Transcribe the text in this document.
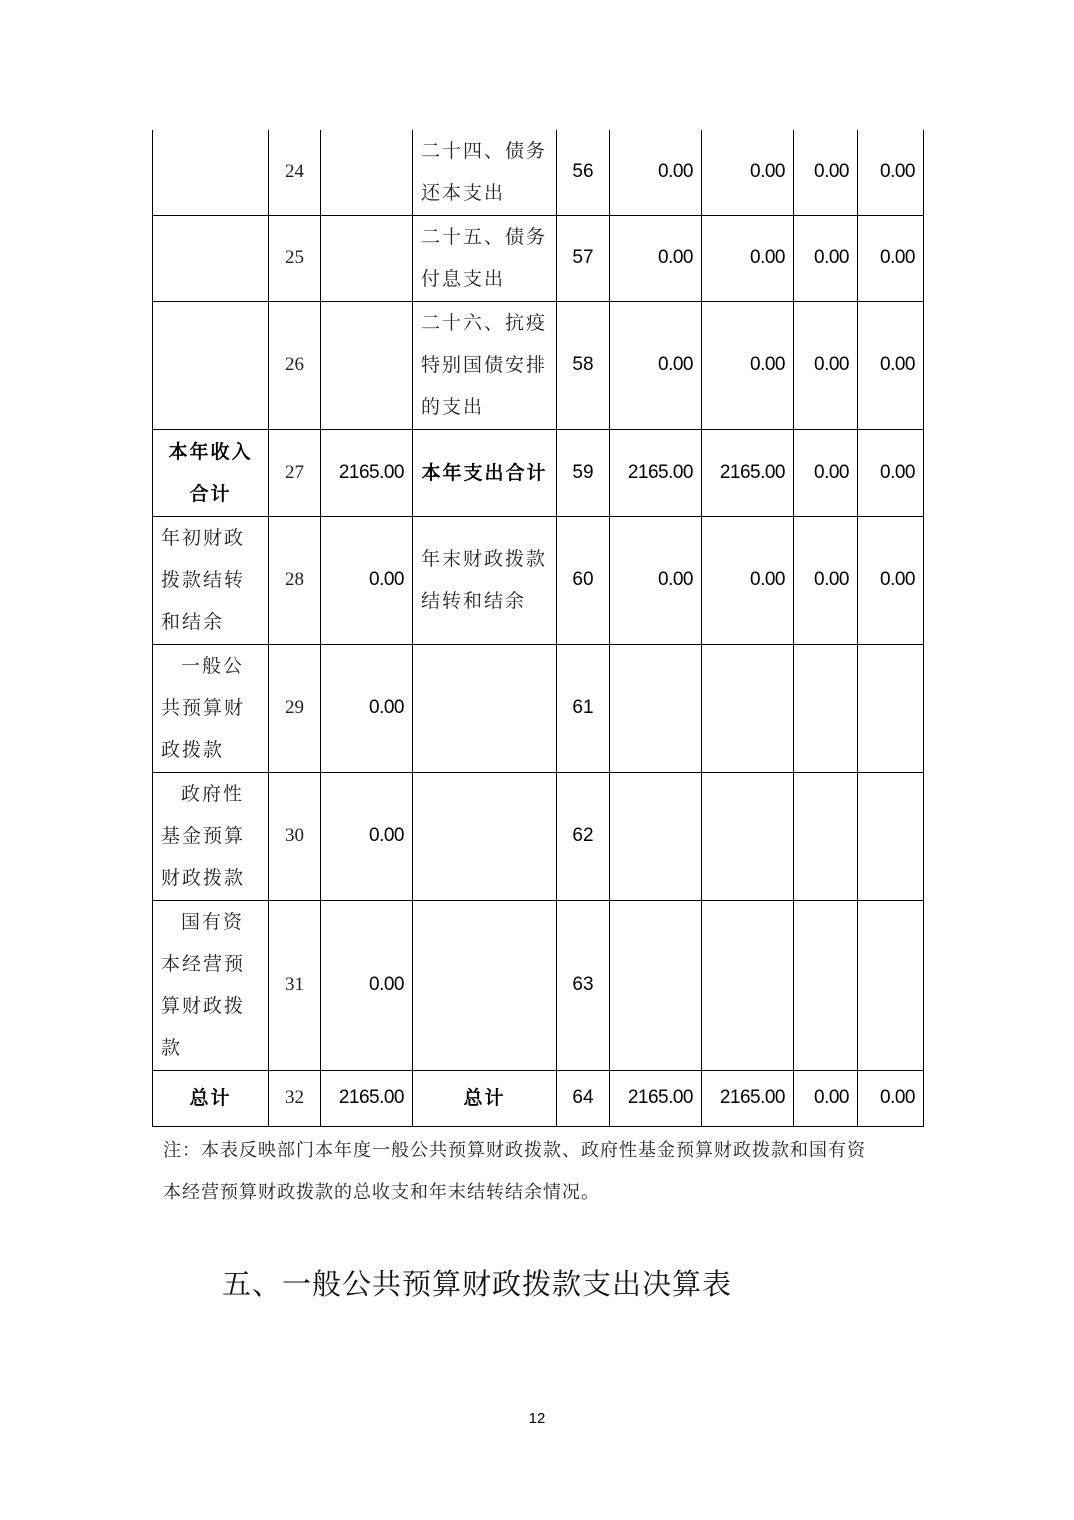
	24		二十四、债务还本支出	56	0.00	0.00	0.00	0.00
	25		二十五、债务付息支出	57	0.00	0.00	0.00	0.00
	26		二十六、抗疫特别国债安排的支出	58	0.00	0.00	0.00	0.00
本年收入合计	27	2165.00	本年支出合计	59	2165.00	2165.00	0.00	0.00
年初财政拨款结转和结余	28	0.00	年末财政拨款结转和结余	60	0.00	0.00	0.00	0.00
一般公共预算财政拨款	29	0.00		61				
政府性基金预算财政拨款	30	0.00		62				
国有资本经营预算财政拨款	31	0.00		63				
总计	32	2165.00	总计	64	2165.00	2165.00	0.00	0.00
注：本表反映部门本年度一般公共预算财政拨款、政府性基金预算财政拨款和国有资本经营预算财政拨款的总收支和年末结转结余情况。
五、一般公共预算财政拨款支出决算表
12
